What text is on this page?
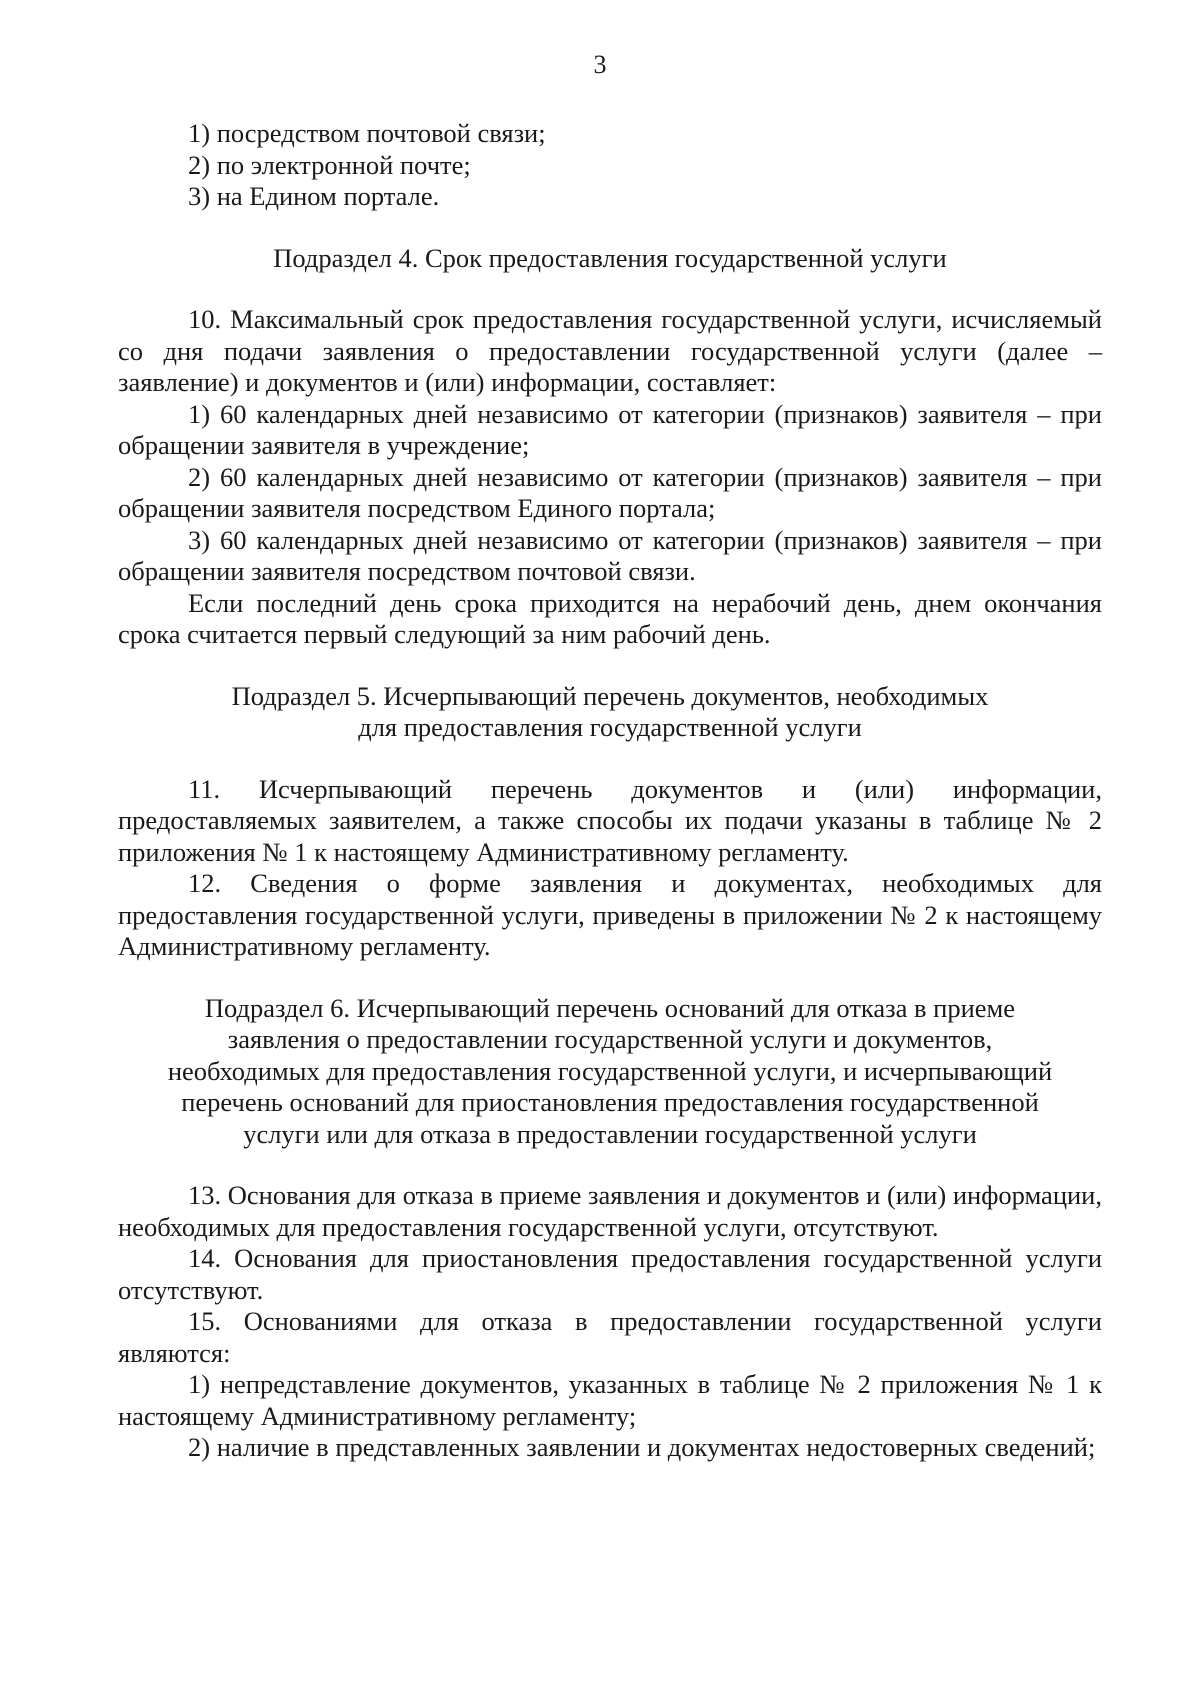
3

1) посредством почтовой связи;

2) по электронной почте;

3) на Едином портале.

Подраздел 4. Срок предоставления государственной услуги

10. Максимальный срок предоставления государственной услуги, исчисляемый со дня подачи заявления о предоставлении государственной услуги (далее – заявление) и документов и (или) информации, составляет:

1) 60 календарных дней независимо от категории (признаков) заявителя – при обращении заявителя в учреждение;

2) 60 календарных дней независимо от категории (признаков) заявителя – при обращении заявителя посредством Единого портала;

3) 60 календарных дней независимо от категории (признаков) заявителя – при обращении заявителя посредством почтовой связи.

Если последний день срока приходится на нерабочий день, днем окончания срока считается первый следующий за ним рабочий день.

Подраздел 5. Исчерпывающий перечень документов, необходимых
для предоставления государственной услуги

11. Исчерпывающий перечень документов и (или) информации, предоставляемых заявителем, а также способы их подачи указаны в таблице № 2 приложения № 1 к настоящему Административному регламенту.

12. Сведения о форме заявления и документах, необходимых для предоставления государственной услуги, приведены в приложении № 2 к настоящему Административному регламенту.

Подраздел 6. Исчерпывающий перечень оснований для отказа в приеме
заявления о предоставлении государственной услуги и документов,
необходимых для предоставления государственной услуги, и исчерпывающий
перечень оснований для приостановления предоставления государственной
услуги или для отказа в предоставлении государственной услуги

13. Основания для отказа в приеме заявления и документов и (или) информации, необходимых для предоставления государственной услуги, отсутствуют.

14. Основания для приостановления предоставления государственной услуги отсутствуют.

15. Основаниями для отказа в предоставлении государственной услуги являются:

1) непредставление документов, указанных в таблице № 2 приложения № 1 к настоящему Административному регламенту;

2) наличие в представленных заявлении и документах недостоверных сведений;
